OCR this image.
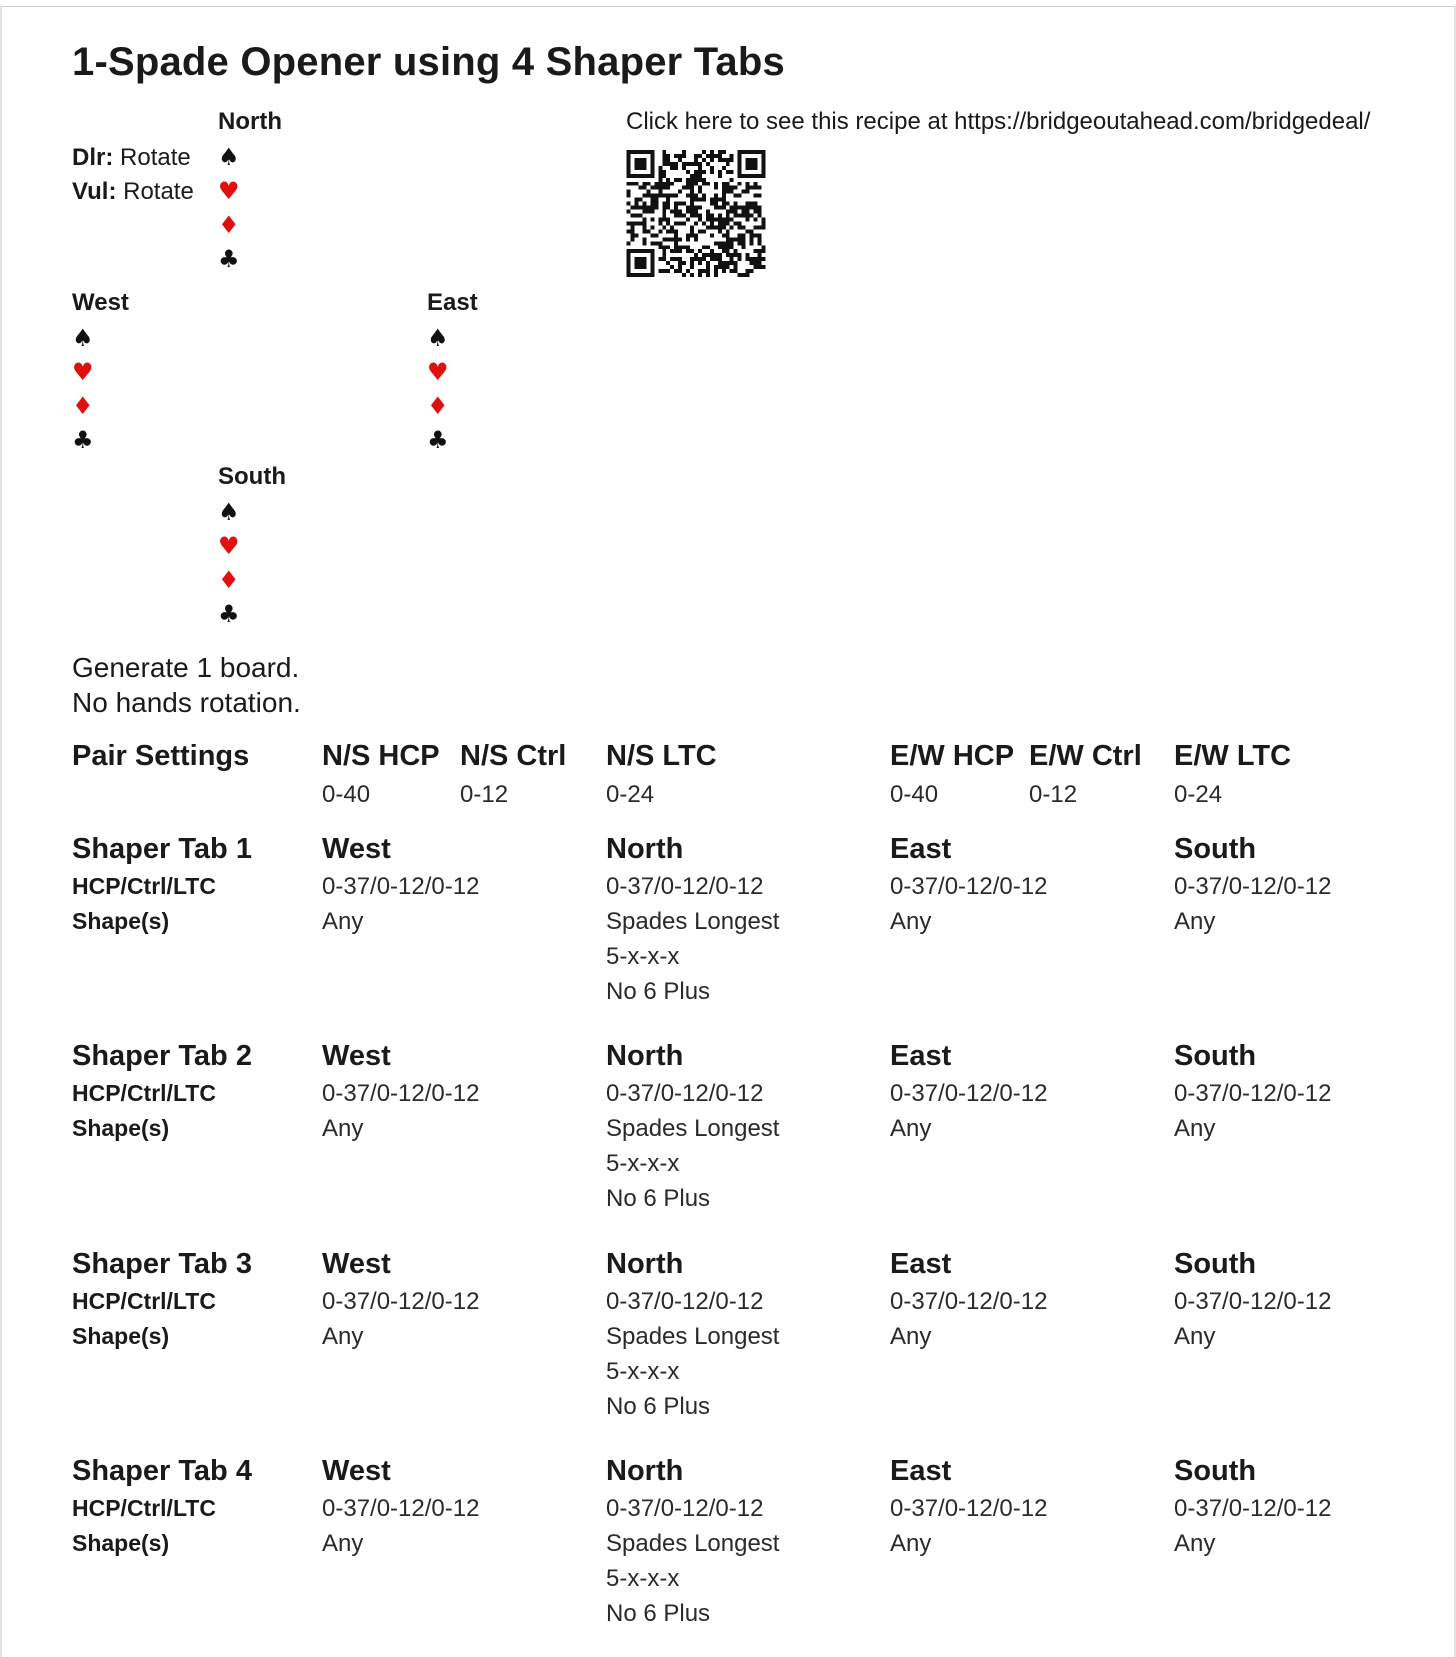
1-Spade Opener using 4 Shaper Tabs
Dlr: Rotate
Vul: Rotate
North
♠
♥
♦
♣
West
♠
♥
♦
♣
East
♠
♥
♦
♣
South
♠
♥
♦
♣
Click here to see this recipe at https://bridgeoutahead.com/bridgedeal/
Generate 1 board.
No hands rotation.
Pair Settings	N/S HCP
0-40
N/S Ctrl
0-12
N/S LTC
0-24
E/W HCP
0-40
E/W Ctrl
0-12
E/W LTC
0-24
Shaper Tab 1
HCP/Ctrl/LTC
Shape(s)
West
0-37/0-12/0-12
Any
North
0-37/0-12/0-12
Spades Longest
5-x-x-x
No 6 Plus
East
0-37/0-12/0-12
Any
South
0-37/0-12/0-12
Any
Shaper Tab 2
HCP/Ctrl/LTC
Shape(s)
West
0-37/0-12/0-12
Any
North
0-37/0-12/0-12
Spades Longest
5-x-x-x
No 6 Plus
East
0-37/0-12/0-12
Any
South
0-37/0-12/0-12
Any
Shaper Tab 3
HCP/Ctrl/LTC
Shape(s)
West
0-37/0-12/0-12
Any
North
0-37/0-12/0-12
Spades Longest
5-x-x-x
No 6 Plus
East
0-37/0-12/0-12
Any
South
0-37/0-12/0-12
Any
Shaper Tab 4
HCP/Ctrl/LTC
Shape(s)
West
0-37/0-12/0-12
Any
North
0-37/0-12/0-12
Spades Longest
5-x-x-x
No 6 Plus
East
0-37/0-12/0-12
Any
South
0-37/0-12/0-12
Any
